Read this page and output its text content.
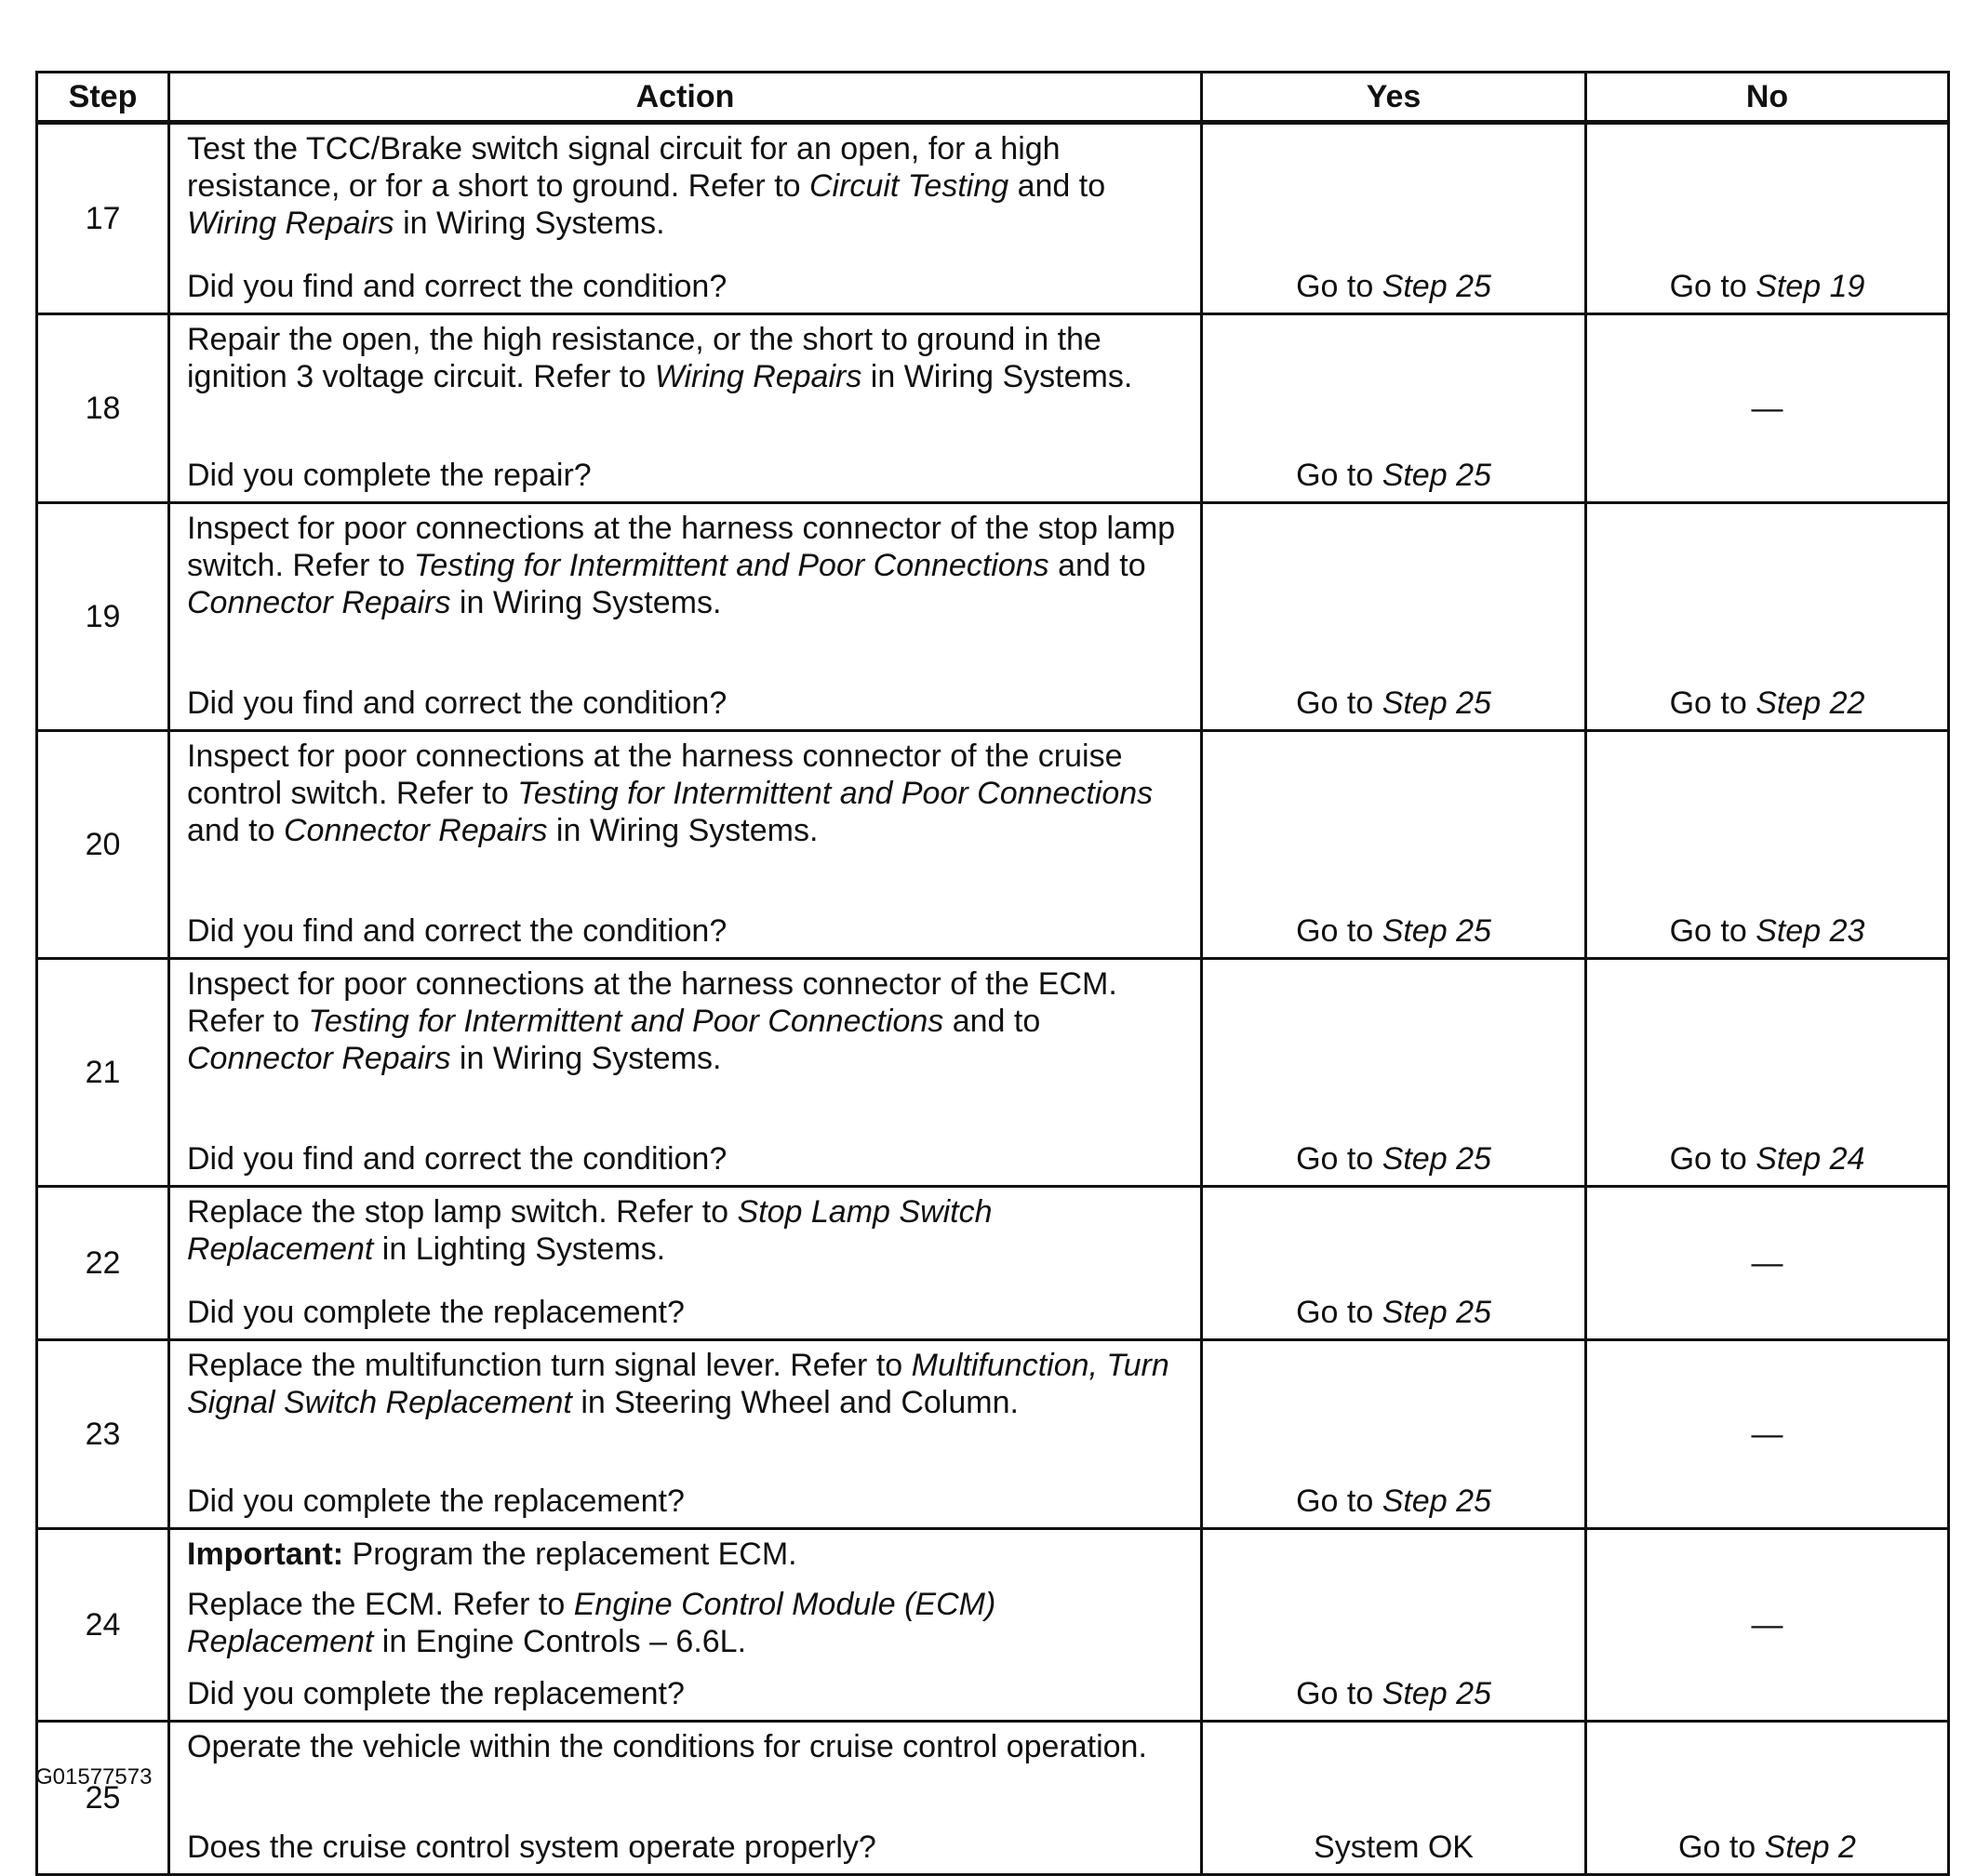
Step	Action	Yes	No
17	Test the TCC/Brake switch signal circuit for an open, for a high resistance, or for a short to ground. Refer to Circuit Testing and to Wiring Repairs in Wiring Systems.

Did you find and correct the condition?	Go to Step 25	Go to Step 19
18	Repair the open, the high resistance, or the short to ground in the ignition 3 voltage circuit. Refer to Wiring Repairs in Wiring Systems.

Did you complete the repair?	Go to Step 25	—
19	Inspect for poor connections at the harness connector of the stop lamp switch. Refer to Testing for Intermittent and Poor Connections and to Connector Repairs in Wiring Systems.

Did you find and correct the condition?	Go to Step 25	Go to Step 22
20	Inspect for poor connections at the harness connector of the cruise control switch. Refer to Testing for Intermittent and Poor Connections and to Connector Repairs in Wiring Systems.

Did you find and correct the condition?	Go to Step 25	Go to Step 23
21	Inspect for poor connections at the harness connector of the ECM. Refer to Testing for Intermittent and Poor Connections and to Connector Repairs in Wiring Systems.

Did you find and correct the condition?	Go to Step 25	Go to Step 24
22	Replace the stop lamp switch. Refer to Stop Lamp Switch Replacement in Lighting Systems.

Did you complete the replacement?	Go to Step 25	—
23	Replace the multifunction turn signal lever. Refer to Multifunction, Turn Signal Switch Replacement in Steering Wheel and Column.

Did you complete the replacement?	Go to Step 25	—
24	Important: Program the replacement ECM.

Replace the ECM. Refer to Engine Control Module (ECM) Replacement in Engine Controls – 6.6L.

Did you complete the replacement?	Go to Step 25	—
25	Operate the vehicle within the conditions for cruise control operation.

Does the cruise control system operate properly?	System OK	Go to Step 2
G01577573
